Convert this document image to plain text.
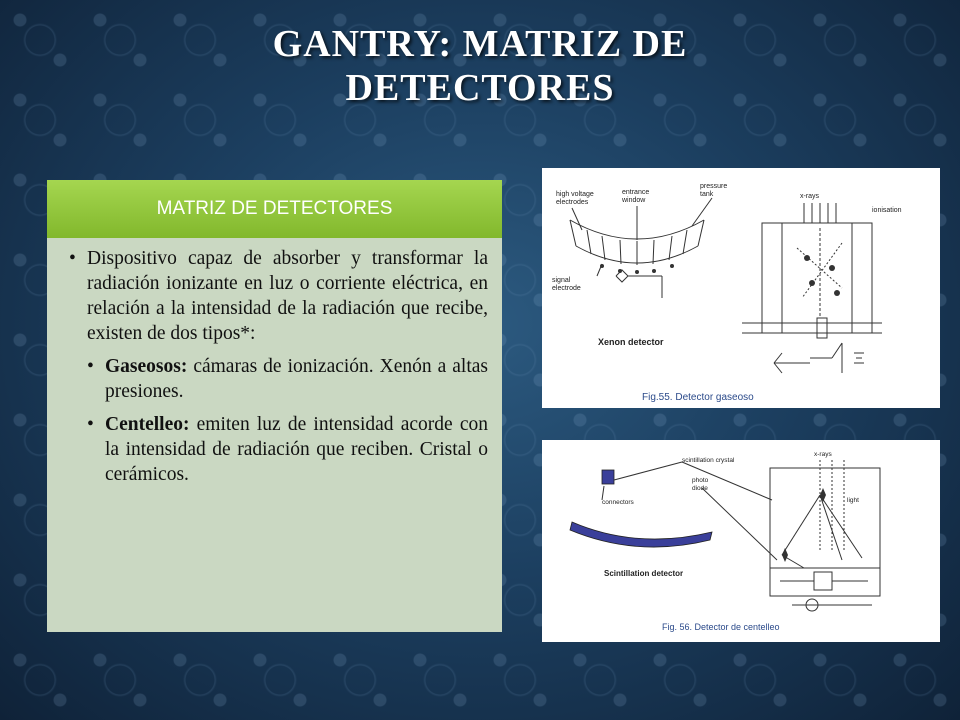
GANTRY: MATRIZ DE
DETECTORES
MATRIZ DE DETECTORES
• Dispositivo capaz de absorber y transformar la radiación ionizante en luz o corriente eléctrica, en relación a la intensidad de la radiación que recibe, existen de dos tipos*:
• Gaseosos: cámaras de ionización. Xenón a altas presiones.
• Centelleo: emiten luz de intensidad acorde con la intensidad de radiación que reciben. Cristal o cerámicos.
high voltage
electrodes
entrance
window
pressure
tank	x-rays
ionisation
signal
electrode
Xenon detector
Fig.55. Detector gaseoso
scintillation crystal
x-rays
photo
diode
light
connectors
Scintillation detector
Fig. 56. Detector de centelleo
